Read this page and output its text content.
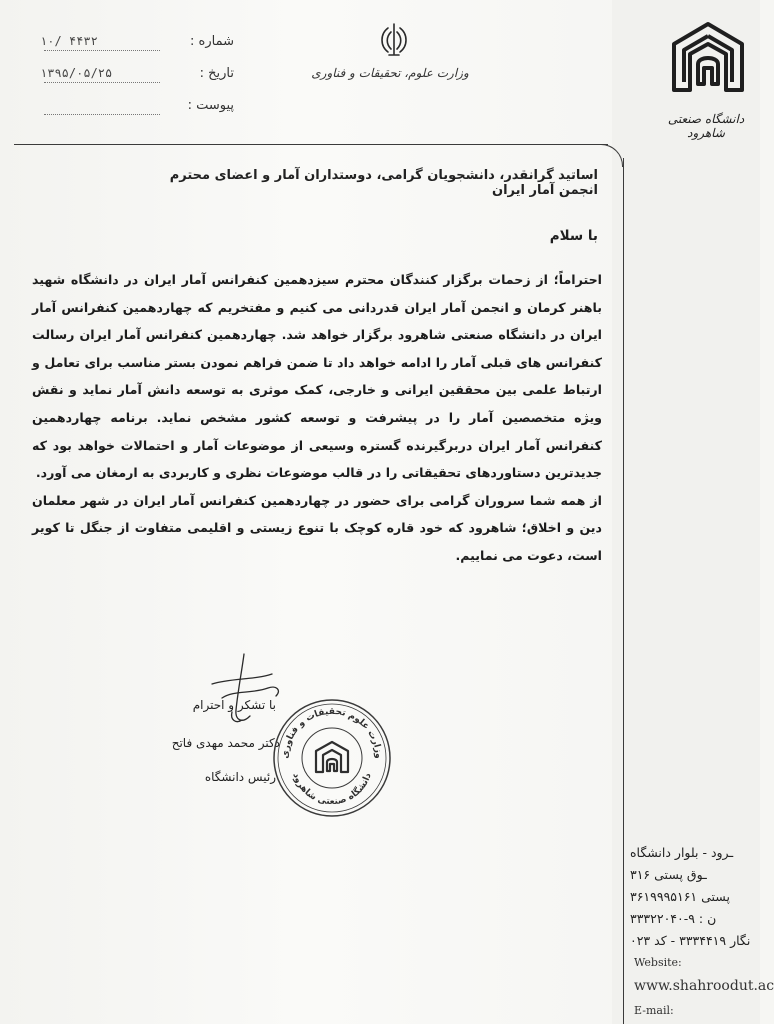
شماره :
۱۰/ ۴۴۳۲
تاریخ :
۱۳۹۵/۰۵/۲۵
پیوست :
وزارت علوم، تحقیقات و فناوری
دانشگاه صنعتی شاهرود
اساتید گرانقدر، دانشجویان گرامی، دوستداران آمار و اعضای محترم انجمن آمار ایران
با سلام

احتراماً؛ از زحمات برگزار کنندگان محترم سیزدهمین کنفرانس آمار ایران در دانشگاه شهید باهنر کرمان و انجمن آمار ایران قدردانی می کنیم و مفتخریم که چهاردهمین کنفرانس آمار ایران در دانشگاه صنعتی شاهرود برگزار خواهد شد. چهاردهمین کنفرانس آمار ایران رسالت کنفرانس های قبلی آمار را ادامه خواهد داد تا ضمن فراهم نمودن بستر مناسب برای تعامل و ارتباط علمی بین محققین ایرانی و خارجی، کمک موثری به توسعه دانش آمار نماید و نقش ویژه متخصصین آمار را در پیشرفت و توسعه کشور مشخص نماید. برنامه چهاردهمین کنفرانس آمار ایران دربرگیرنده گستره وسیعی از موضوعات آمار و احتمالات خواهد بود که جدیدترین دستاوردهای تحقیقاتی را در قالب موضوعات نظری و کاربردی به ارمغان می آورد.

از همه شما سروران گرامی برای حضور در چهاردهمین کنفرانس آمار ایران در شهر معلمان دین و اخلاق؛ شاهرود که خود قاره کوچک با تنوع زیستی و اقلیمی متفاوت از جنگل تا کویر است، دعوت می نماییم.

با تشکر و احترام
دکتر محمد مهدی فاتح
رئیس دانشگاه
وزارت علوم تحقیقات و فناوری
دانشگاه صنعتی شاهرود
ـرود - بلوار دانشگاه
ـوق پستی ۳۱۶
پستی ۳۶۱۹۹۹۵۱۶۱
ن : ۹-۳۳۳۲۲۰۴۰
نگار ۳۳۳۴۴۱۹ - کد ۰۲۳
Website:
www.shahroodut.ac
E-mail:
